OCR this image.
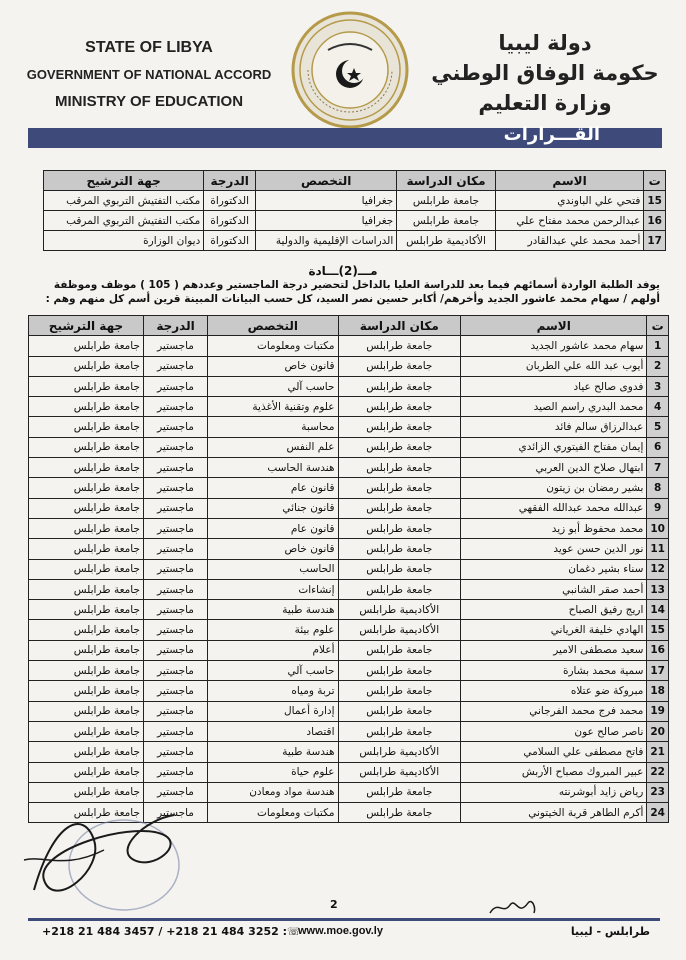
STATE OF LIBYA
GOVERNMENT OF NATIONAL ACCORD
MINISTRY OF EDUCATION
دولة ليبيا
حكومة الوفاق الوطني
وزارة التعليم
القـــرارات
ت	الاسم	مكان الدراسة	التخصص	الدرجة	جهة الترشيح
15	فتحي علي الباوندي	جامعة طرابلس	جغرافيا	الدكتوراة	مكتب التفتيش التربوي المرقب
16	عبدالرحمن محمد مفتاح علي	جامعة طرابلس	جغرافيا	الدكتوراة	مكتب التفتيش التربوي المرقب
17	أحمد محمد علي عبدالقادر	الأكاديمية طرابلس	الدراسات الإقليمية والدولية	الدكتوراة	ديوان الوزارة
مـــ(2)ـــادة
يوفد الطلبة الواردة أسمائهم فيما بعد للدراسة العليا بالداخل لتحضير درجة الماجستير وعددهم ( 105 ) موظف وموظفة
أولهم / سهام محمد عاشور الجديد وأخرهم/ أكابر حسين نصر السيد، كل حسب البيانات المبينة قرين أسم كل منهم وهم :
ت	الاسم	مكان الدراسة	التخصص	الدرجة	جهة الترشيح
1	سهام محمد عاشور الجديد	جامعة طرابلس	مكتبات ومعلومات	ماجستير	جامعة طرابلس
2	أيوب عبد الله علي الطربان	جامعة طرابلس	قانون خاص	ماجستير	جامعة طرابلس
3	فدوى صالح عياد	جامعة طرابلس	حاسب آلي	ماجستير	جامعة طرابلس
4	محمد البدري راسم الصيد	جامعة طرابلس	علوم وتقنية الأغذية	ماجستير	جامعة طرابلس
5	عبدالرزاق سالم فائد	جامعة طرابلس	محاسبة	ماجستير	جامعة طرابلس
6	إيمان مفتاح الفيتوري الزائدي	جامعة طرابلس	علم النفس	ماجستير	جامعة طرابلس
7	ابتهال صلاح الدين العربي	جامعة طرابلس	هندسة الحاسب	ماجستير	جامعة طرابلس
8	بشير رمضان بن زيتون	جامعة طرابلس	قانون عام	ماجستير	جامعة طرابلس
9	عبدالله محمد عبدالله الفقهي	جامعة طرابلس	قانون جنائي	ماجستير	جامعة طرابلس
10	محمد محفوظ أبو زيد	جامعة طرابلس	قانون عام	ماجستير	جامعة طرابلس
11	نور الدين حسن عويد	جامعة طرابلس	قانون خاص	ماجستير	جامعة طرابلس
12	سناء بشير دغمان	جامعة طرابلس	الحاسب	ماجستير	جامعة طرابلس
13	أحمد صقر الشانبي	جامعة طرابلس	إنشاءات	ماجستير	جامعة طرابلس
14	اريج رفيق الصباح	الأكاديمية طرابلس	هندسة طبية	ماجستير	جامعة طرابلس
15	الهادي خليفة الغرياني	الأكاديمية طرابلس	علوم بيئة	ماجستير	جامعة طرابلس
16	سعيد مصطفى الامير	جامعة طرابلس	أعلام	ماجستير	جامعة طرابلس
17	سمية محمد بشارة	جامعة طرابلس	حاسب آلي	ماجستير	جامعة طرابلس
18	مبروكة ضو عتلاه	جامعة طرابلس	تربة ومياه	ماجستير	جامعة طرابلس
19	محمد فرج محمد الفرجاني	جامعة طرابلس	إدارة أعمال	ماجستير	جامعة طرابلس
20	ناصر صالح عون	جامعة طرابلس	اقتصاد	ماجستير	جامعة طرابلس
21	فاتح مصطفى علي السلامي	الأكاديمية طرابلس	هندسة طبية	ماجستير	جامعة طرابلس
22	عبير المبروك مصباح الأربش	الأكاديمية طرابلس	علوم حياة	ماجستير	جامعة طرابلس
23	رياض زايد أبوشرنته	جامعة طرابلس	هندسة مواد ومعادن	ماجستير	جامعة طرابلس
24	أكرم الطاهر قربة الخيتوني	جامعة طرابلس	مكتبات ومعلومات	ماجستير	جامعة طرابلس
2
+218 21 484 3457 / +218 21 484 3252 :☏
www.moe.gov.ly	طرابلس - ليبيا
